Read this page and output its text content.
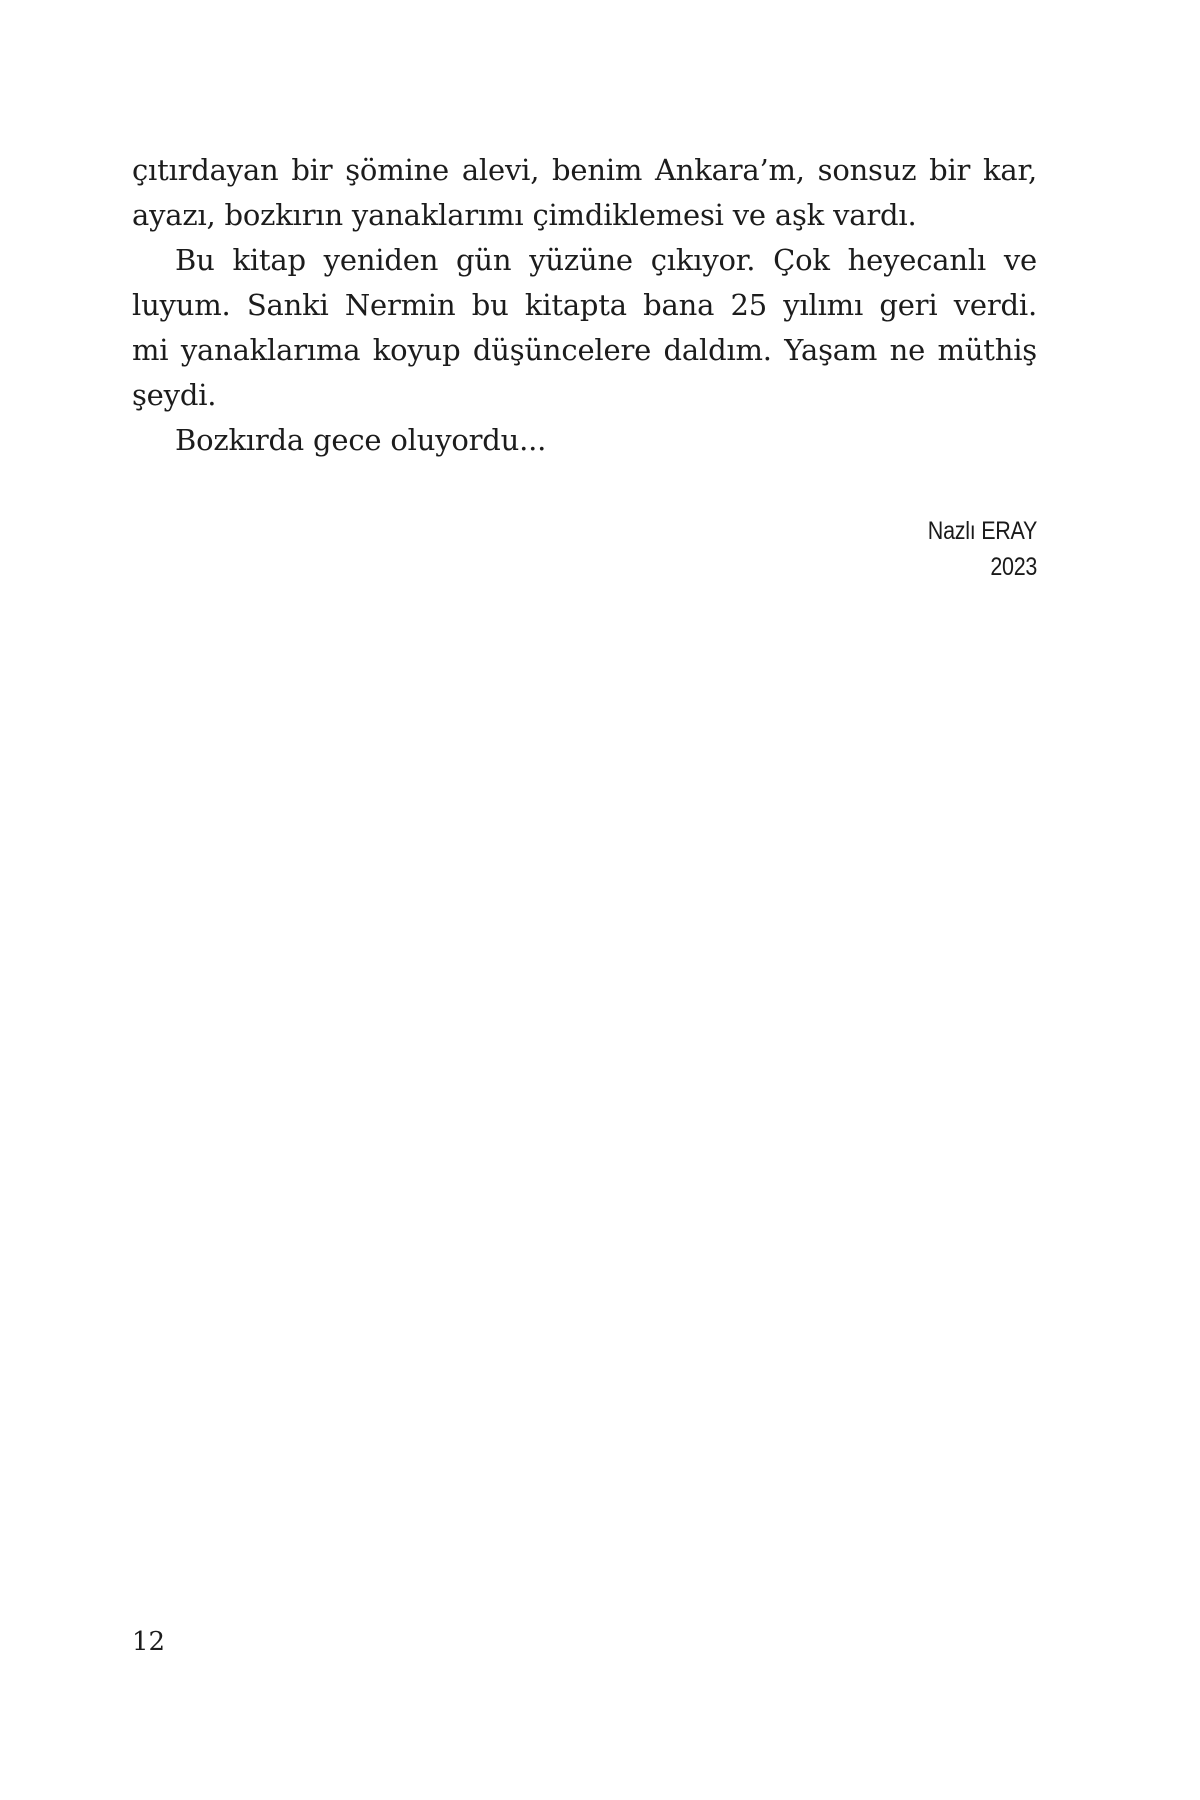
çıtırdayan bir şömine alevi, benim Ankara’m, sonsuz bir kar,
ayazı, bozkırın yanaklarımı çimdiklemesi ve aşk vardı.
Bu kitap yeniden gün yüzüne çıkıyor. Çok heyecanlı ve
luyum. Sanki Nermin bu kitapta bana 25 yılımı geri verdi.
mi yanaklarıma koyup düşüncelere daldım. Yaşam ne müthiş
şeydi.
Bozkırda gece oluyordu...
Nazlı ERAY
2023
12
